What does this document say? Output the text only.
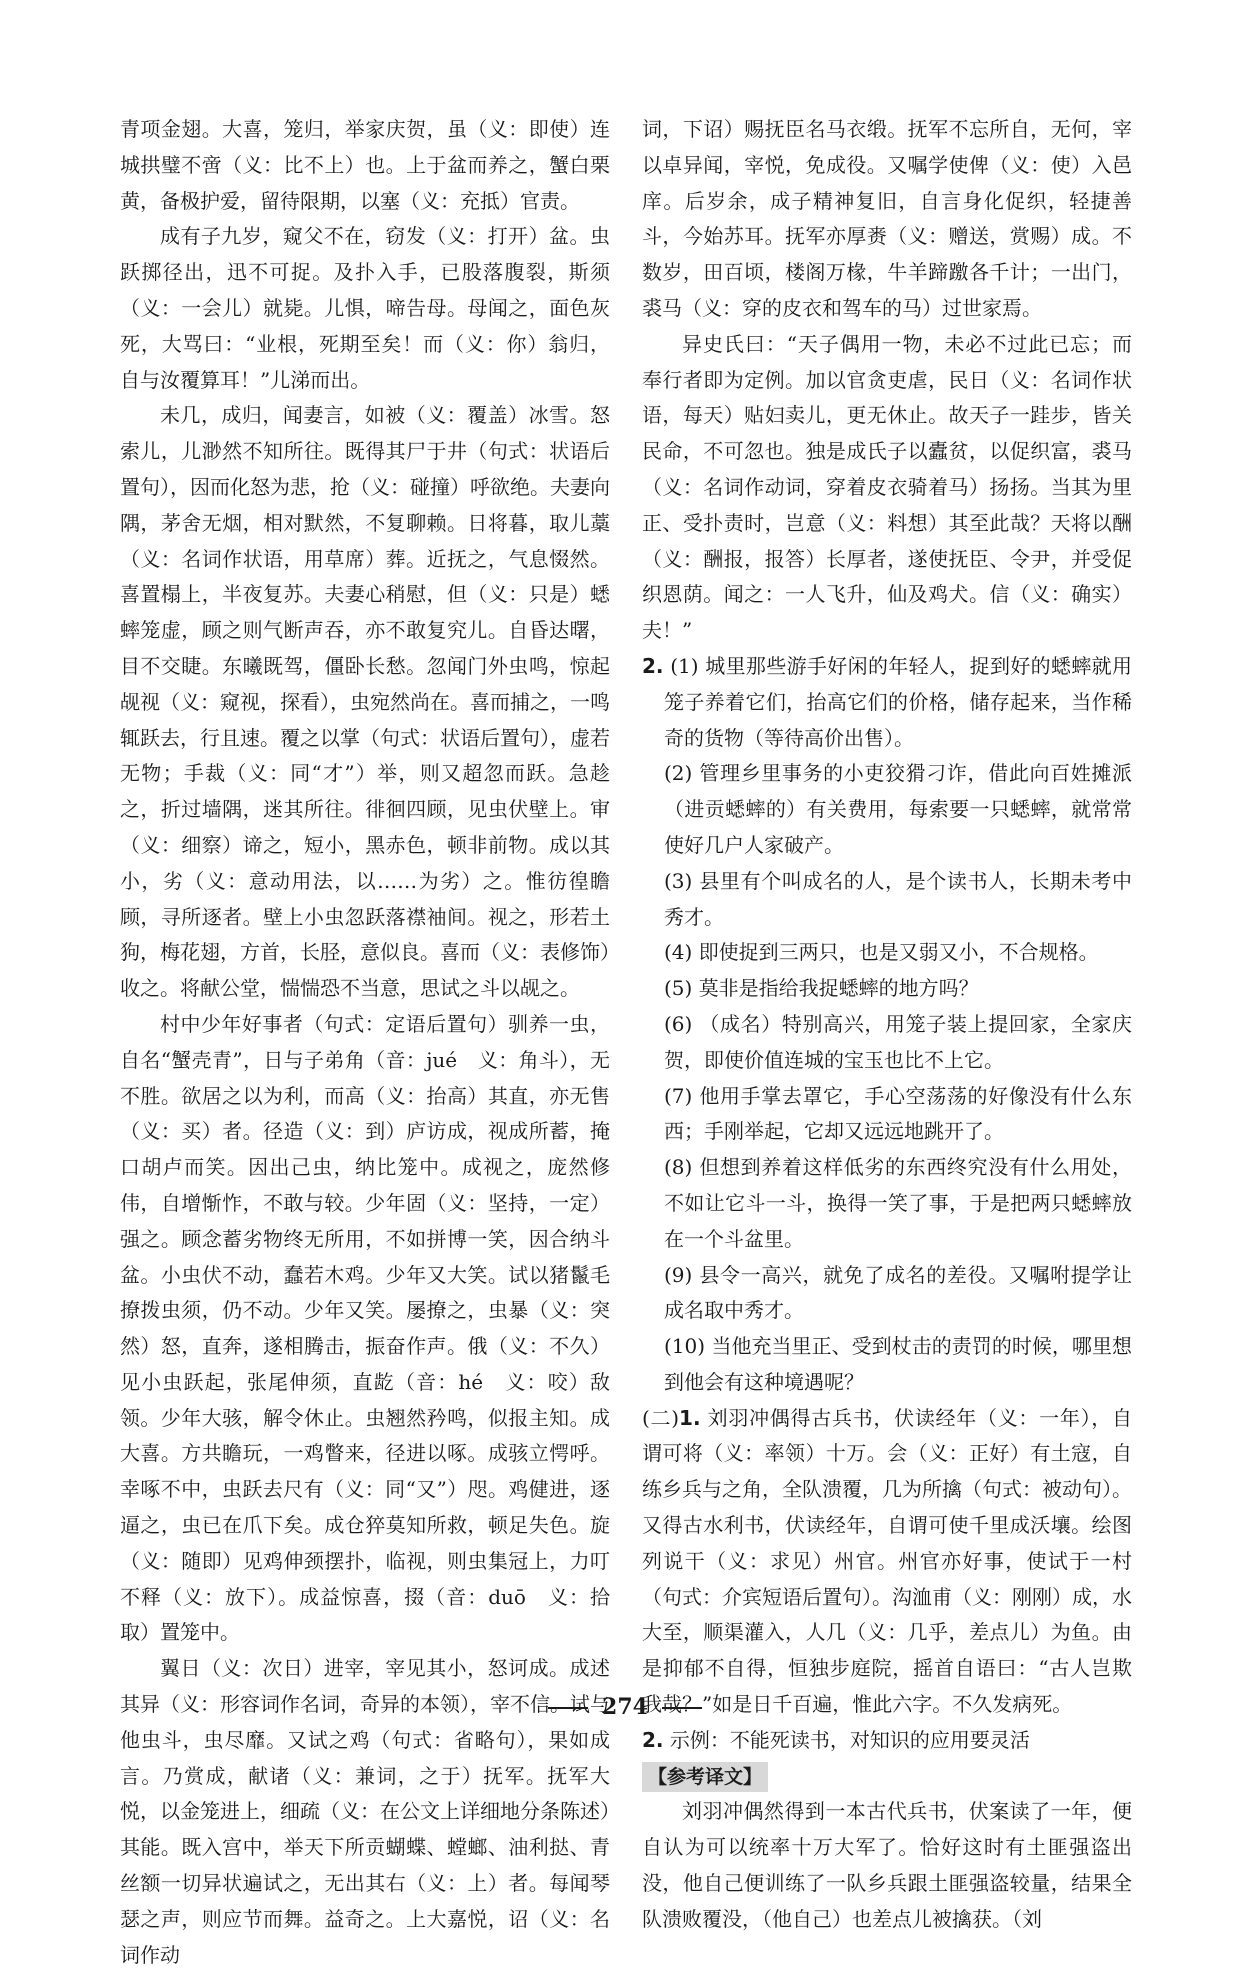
青项金翅。大喜，笼归，举家庆贺，虽（义：即使）连城拱璧不啻（义：比不上）也。上于盆而养之，蟹白栗黄，备极护爱，留待限期，以塞（义：充抵）官责。

成有子九岁，窥父不在，窃发（义：打开）盆。虫跃掷径出，迅不可捉。及扑入手，已股落腹裂，斯须（义：一会儿）就毙。儿惧，啼告母。母闻之，面色灰死，大骂曰：“业根，死期至矣！而（义：你）翁归，自与汝覆算耳！”儿涕而出。

未几，成归，闻妻言，如被（义：覆盖）冰雪。怒索儿，儿渺然不知所往。既得其尸于井（句式：状语后置句），因而化怒为悲，抢（义：碰撞）呼欲绝。夫妻向隅，茅舍无烟，相对默然，不复聊赖。日将暮，取儿藁（义：名词作状语，用草席）葬。近抚之，气息惙然。喜置榻上，半夜复苏。夫妻心稍慰，但（义：只是）蟋蟀笼虚，顾之则气断声吞，亦不敢复究儿。自昏达曙，目不交睫。东曦既驾，僵卧长愁。忽闻门外虫鸣，惊起觇视（义：窥视，探看），虫宛然尚在。喜而捕之，一鸣辄跃去，行且速。覆之以掌（句式：状语后置句），虚若无物；手裁（义：同“才”）举，则又超忽而跃。急趁之，折过墙隅，迷其所往。徘徊四顾，见虫伏壁上。审（义：细察）谛之，短小，黑赤色，顿非前物。成以其小，劣（义：意动用法，以……为劣）之。惟彷徨瞻顾，寻所逐者。壁上小虫忽跃落襟袖间。视之，形若土狗，梅花翅，方首，长胫，意似良。喜而（义：表修饰）收之。将献公堂，惴惴恐不当意，思试之斗以觇之。

村中少年好事者（句式：定语后置句）驯养一虫，自名“蟹壳青”，日与子弟角（音：jué　义：角斗），无不胜。欲居之以为利，而高（义：抬高）其直，亦无售（义：买）者。径造（义：到）庐访成，视成所蓄，掩口胡卢而笑。因出己虫，纳比笼中。成视之，庞然修伟，自增惭怍，不敢与较。少年固（义：坚持，一定）强之。顾念蓄劣物终无所用，不如拼博一笑，因合纳斗盆。小虫伏不动，蠢若木鸡。少年又大笑。试以猪鬣毛撩拨虫须，仍不动。少年又笑。屡撩之，虫暴（义：突然）怒，直奔，遂相腾击，振奋作声。俄（义：不久）见小虫跃起，张尾伸须，直龁（音：hé　义：咬）敌领。少年大骇，解令休止。虫翘然矜鸣，似报主知。成大喜。方共瞻玩，一鸡瞥来，径进以啄。成骇立愕呼。幸啄不中，虫跃去尺有（义：同“又”）咫。鸡健进，逐逼之，虫已在爪下矣。成仓猝莫知所救，顿足失色。旋（义：随即）见鸡伸颈摆扑，临视，则虫集冠上，力叮不释（义：放下）。成益惊喜，掇（音：duō　义：拾取）置笼中。

翼日（义：次日）进宰，宰见其小，怒诃成。成述其异（义：形容词作名词，奇异的本领），宰不信。试与他虫斗，虫尽靡。又试之鸡（句式：省略句），果如成言。乃赏成，献诸（义：兼词，之于）抚军。抚军大悦，以金笼进上，细疏（义：在公文上详细地分条陈述）其能。既入宫中，举天下所贡蝴蝶、螳螂、油利挞、青丝额一切异状遍试之，无出其右（义：上）者。每闻琴瑟之声，则应节而舞。益奇之。上大嘉悦，诏（义：名词作动

词，下诏）赐抚臣名马衣缎。抚军不忘所自，无何，宰以卓异闻，宰悦，免成役。又嘱学使俾（义：使）入邑庠。后岁余，成子精神复旧，自言身化促织，轻捷善斗，今始苏耳。抚军亦厚赉（义：赠送，赏赐）成。不数岁，田百顷，楼阁万椽，牛羊蹄躈各千计；一出门，裘马（义：穿的皮衣和驾车的马）过世家焉。

异史氏曰：“天子偶用一物，未必不过此已忘；而奉行者即为定例。加以官贪吏虐，民日（义：名词作状语，每天）贴妇卖儿，更无休止。故天子一跬步，皆关民命，不可忽也。独是成氏子以蠹贫，以促织富，裘马（义：名词作动词，穿着皮衣骑着马）扬扬。当其为里正、受扑责时，岂意（义：料想）其至此哉？天将以酬（义：酬报，报答）长厚者，遂使抚臣、令尹，并受促织恩荫。闻之：一人飞升，仙及鸡犬。信（义：确实）夫！”

2. (1) 城里那些游手好闲的年轻人，捉到好的蟋蟀就用笼子养着它们，抬高它们的价格，储存起来，当作稀奇的货物（等待高价出售）。

(2) 管理乡里事务的小吏狡猾刁诈，借此向百姓摊派（进贡蟋蟀的）有关费用，每索要一只蟋蟀，就常常使好几户人家破产。

(3) 县里有个叫成名的人，是个读书人，长期未考中秀才。

(4) 即使捉到三两只，也是又弱又小，不合规格。

(5) 莫非是指给我捉蟋蟀的地方吗？

(6) （成名）特别高兴，用笼子装上提回家，全家庆贺，即使价值连城的宝玉也比不上它。

(7) 他用手掌去罩它，手心空荡荡的好像没有什么东西；手刚举起，它却又远远地跳开了。

(8) 但想到养着这样低劣的东西终究没有什么用处，不如让它斗一斗，换得一笑了事，于是把两只蟋蟀放在一个斗盆里。

(9) 县令一高兴，就免了成名的差役。又嘱咐提学让成名取中秀才。

(10) 当他充当里正、受到杖击的责罚的时候，哪里想到他会有这种境遇呢？

(二)1. 刘羽冲偶得古兵书，伏读经年（义：一年），自谓可将（义：率领）十万。会（义：正好）有土寇，自练乡兵与之角，全队溃覆，几为所擒（句式：被动句）。又得古水利书，伏读经年，自谓可使千里成沃壤。绘图列说干（义：求见）州官。州官亦好事，使试于一村（句式：介宾短语后置句）。沟洫甫（义：刚刚）成，水大至，顺渠灌入，人几（义：几乎，差点儿）为鱼。由是抑郁不自得，恒独步庭院，摇首自语曰：“古人岂欺我哉？”如是日千百遍，惟此六字。不久发病死。

2. 示例：不能死读书，对知识的应用要灵活

【参考译文】

刘羽冲偶然得到一本古代兵书，伏案读了一年，便自认为可以统率十万大军了。恰好这时有土匪强盗出没，他自己便训练了一队乡兵跟土匪强盗较量，结果全队溃败覆没，（他自己）也差点儿被擒获。（刘

274
